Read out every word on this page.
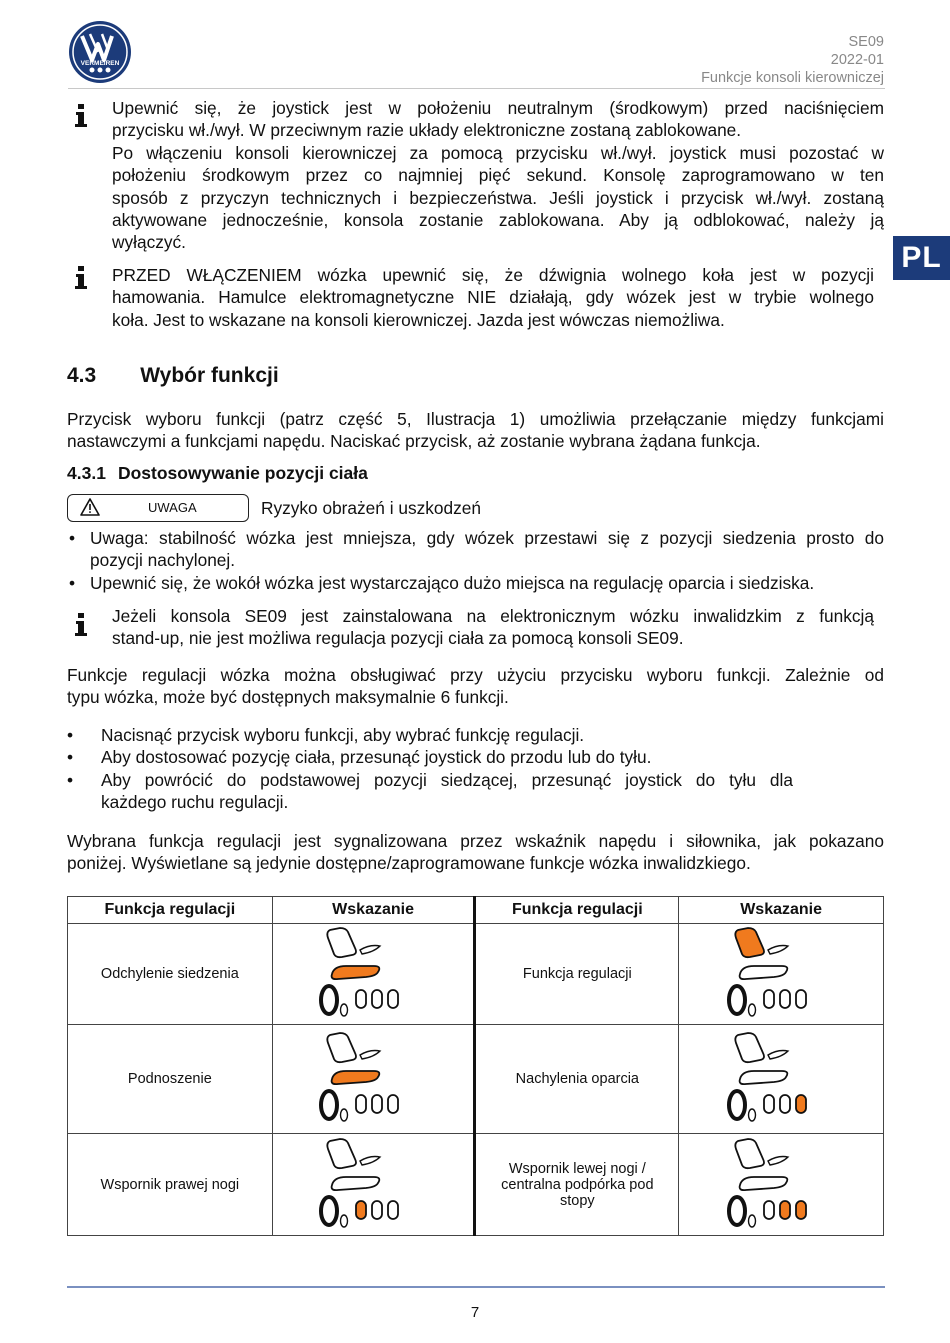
VERMEIREN
SE09
2022-01
Funkcje konsoli kierowniczej
PL
Upewnić się, że joystick jest w położeniu neutralnym (środkowym) przed naciśnięciem
przycisku wł./wył. W przeciwnym razie układy elektroniczne zostaną zablokowane.
Po włączeniu konsoli kierowniczej za pomocą przycisku wł./wył. joystick musi pozostać w
położeniu środkowym przez co najmniej pięć sekund. Konsolę zaprogramowano w ten
sposób z przyczyn technicznych i bezpieczeństwa. Jeśli joystick i przycisk wł./wył. zostaną
aktywowane jednocześnie, konsola zostanie zablokowana. Aby ją odblokować, należy ją
wyłączyć.
PRZED WŁĄCZENIEM wózka upewnić się, że dźwignia wolnego koła jest w pozycji
hamowania. Hamulce elektromagnetyczne NIE działają, gdy wózek jest w trybie wolnego
koła. Jest to wskazane na konsoli kierowniczej. Jazda jest wówczas niemożliwa.
4.3 Wybór funkcji
Przycisk wyboru funkcji (patrz część 5, Ilustracja 1) umożliwia przełączanie między funkcjami
nastawczymi a funkcjami napędu. Naciskać przycisk, aż zostanie wybrana żądana funkcja.
4.3.1 Dostosowywanie pozycji ciała
UWAGA	Ryzyko obrażeń i uszkodzeń
• Uwaga: stabilność wózka jest mniejsza, gdy wózek przestawi się z pozycji siedzenia prosto do
pozycji nachylonej.
• Upewnić się, że wokół wózka jest wystarczająco dużo miejsca na regulację oparcia i siedziska.
Jeżeli konsola SE09 jest zainstalowana na elektronicznym wózku inwalidzkim z funkcją
stand-up, nie jest możliwa regulacja pozycji ciała za pomocą konsoli SE09.
Funkcje regulacji wózka można obsługiwać przy użyciu przycisku wyboru funkcji. Zależnie od
typu wózka, może być dostępnych maksymalnie 6 funkcji.
• Nacisnąć przycisk wyboru funkcji, aby wybrać funkcję regulacji.
• Aby dostosować pozycję ciała, przesunąć joystick do przodu lub do tyłu.
• Aby powrócić do podstawowej pozycji siedzącej, przesunąć joystick do tyłu dla
każdego ruchu regulacji.
Wybrana funkcja regulacji jest sygnalizowana przez wskaźnik napędu i siłownika, jak pokazano
poniżej. Wyświetlane są jedynie dostępne/zaprogramowane funkcje wózka inwalidzkiego.
Funkcja regulacji	Wskazanie	Funkcja regulacji	Wskazanie
Odchylenie siedzenia		Funkcja regulacji	
Podnoszenie		Nachylenia oparcia	
Wspornik prawej nogi		Wspornik lewej nogi / centralna podpórka pod stopy	
7
